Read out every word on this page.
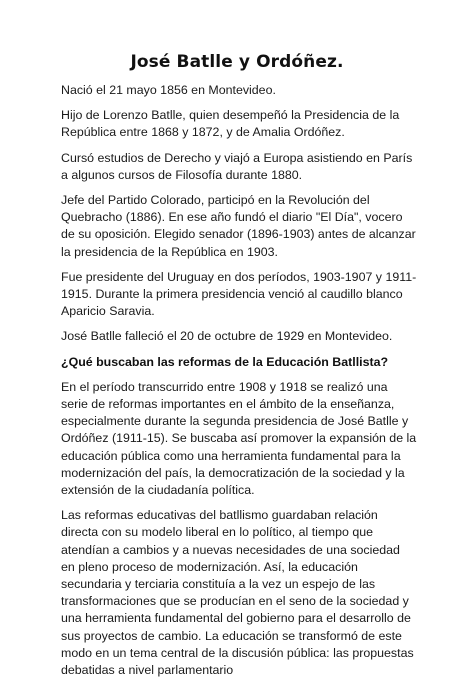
José Batlle y Ordóñez.

Nació el 21 mayo 1856 en Montevideo.

Hijo de Lorenzo Batlle, quien desempeñó la Presidencia de la República entre 1868 y 1872, y de Amalia Ordóñez.

Cursó estudios de Derecho y viajó a Europa asistiendo en París a algunos cursos de Filosofía durante 1880.

Jefe del Partido Colorado, participó en la Revolución del Quebracho (1886). En ese año fundó el diario "El Día", vocero de su oposición. Elegido senador (1896-1903) antes de alcanzar la presidencia de la República en 1903.

Fue presidente del Uruguay en dos períodos, 1903-1907 y 1911-1915. Durante la primera presidencia venció al caudillo blanco Aparicio Saravia.

José Batlle falleció el 20 de octubre de 1929 en Montevideo.

¿Qué buscaban las reformas de la Educación Batllista?

En el período transcurrido entre 1908 y 1918 se realizó una serie de reformas importantes en el ámbito de la enseñanza, especialmente durante la segunda presidencia de José Batlle y Ordóñez (1911-15). Se buscaba así promover la expansión de la educación pública como una herramienta fundamental para la modernización del país, la democratización de la sociedad y la extensión de la ciudadanía política.

Las reformas educativas del batllismo guardaban relación directa con su modelo liberal en lo político, al tiempo que atendían a cambios y a nuevas necesidades de una sociedad en pleno proceso de modernización. Así, la educación secundaria y terciaria constituía a la vez un espejo de las transformaciones que se producían en el seno de la sociedad y una herramienta fundamental del gobierno para el desarrollo de sus proyectos de cambio. La educación se transformó de este modo en un tema central de la discusión pública: las propuestas debatidas a nivel parlamentario
